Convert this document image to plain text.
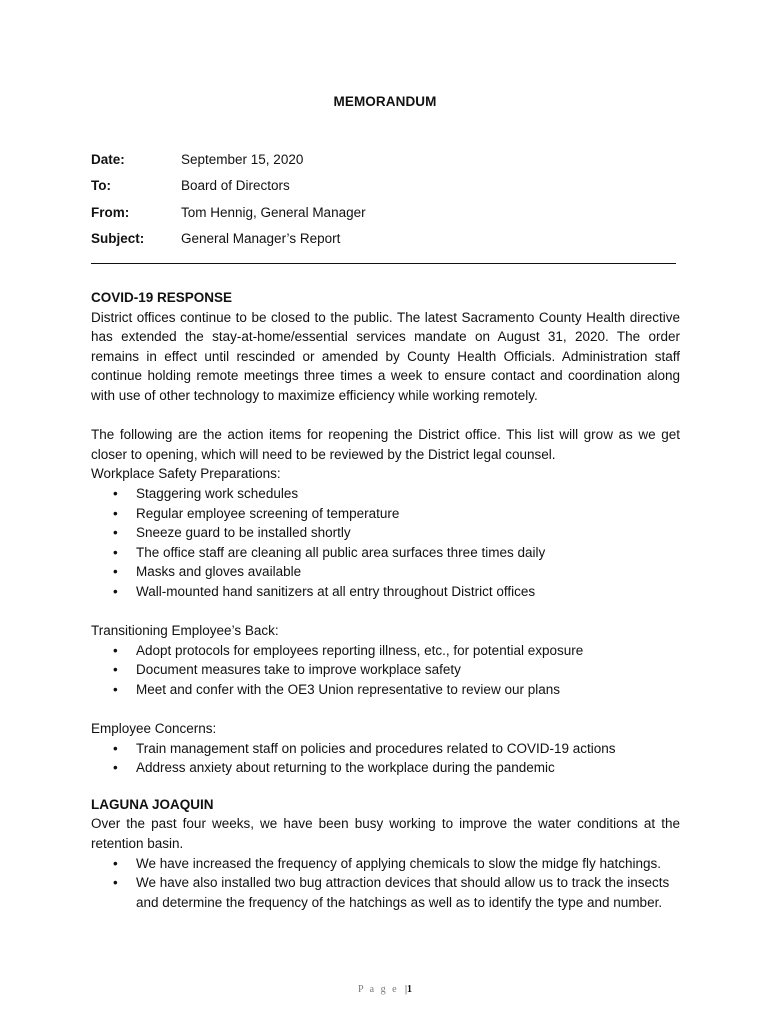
MEMORANDUM
Date:	September 15, 2020
To:	Board of Directors
From:	Tom Hennig, General Manager
Subject:	General Manager’s Report

COVID-19 RESPONSE

District offices continue to be closed to the public. The latest Sacramento County Health directive has extended the stay-at-home/essential services mandate on August 31, 2020. The order remains in effect until rescinded or amended by County Health Officials. Administration staff continue holding remote meetings three times a week to ensure contact and coordination along with use of other technology to maximize efficiency while working remotely.

The following are the action items for reopening the District office. This list will grow as we get closer to opening, which will need to be reviewed by the District legal counsel.

Workplace Safety Preparations:

• Staggering work schedules
• Regular employee screening of temperature
• Sneeze guard to be installed shortly
• The office staff are cleaning all public area surfaces three times daily
• Masks and gloves available
• Wall-mounted hand sanitizers at all entry throughout District offices

Transitioning Employee’s Back:

• Adopt protocols for employees reporting illness, etc., for potential exposure
• Document measures take to improve workplace safety
• Meet and confer with the OE3 Union representative to review our plans

Employee Concerns:

• Train management staff on policies and procedures related to COVID-19 actions
• Address anxiety about returning to the workplace during the pandemic

LAGUNA JOAQUIN

Over the past four weeks, we have been busy working to improve the water conditions at the retention basin.

• We have increased the frequency of applying chemicals to slow the midge fly hatchings.
• We have also installed two bug attraction devices that should allow us to track the insects and determine the frequency of the hatchings as well as to identify the type and number.
P a g e |1
